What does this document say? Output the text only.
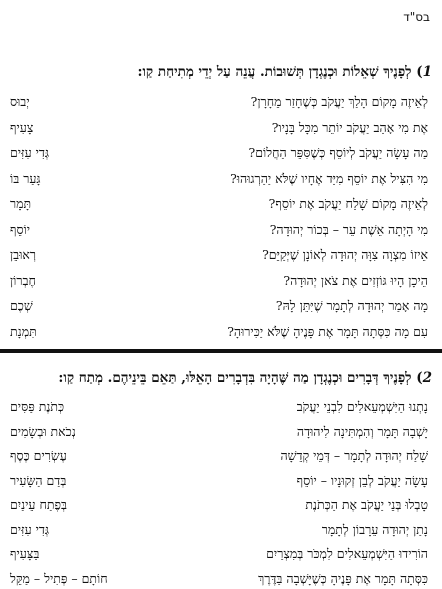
בס"ד
1) לְפָנֶיךָ שְׁאֵלוֹת וּכְנֶגְדָן תְּשׁוּבוֹת. עֲנֵה עַל יְדֵי מְתִיחַת קַו:
לְאֵיזֶה מָקוֹם הָלַךְ יַעֲקֹב כְּשֶׁחָזַר מֵחָרָן?
יְבוּס
אֶת מִי אָהַב יַעֲקֹב יוֹתֵר מִכָּל בָּנָיו?
צָעִיף
מַה עָשָׂה יַעֲקֹב לְיוֹסֵף כְּשֶׁסִּפֵּר הַחֲלוֹם?
גְּדִי עִזִּים
מִי הִצִּיל אֶת יוֹסֵף מִיַּד אֶחָיו שֶׁלֹּא יַהַרְגוּהוּ?
גָּעַר בּוֹ
לְאֵיזֶה מָקוֹם שָׁלַח יַעֲקֹב אֶת יוֹסֵף?
תָּמָר
מִי הָיְתָה אֵשֶׁת עֵר – בְּכוֹר יְהוּדָה?
יוֹסֵף
אֵיזוֹ מִצְוָה צִוָּה יְהוּדָה לְאוֹנָן שֶׁיְּקַיֵּם?
רְאוּבֵן
הֵיכָן הָיוּ גּוֹזְזִים אֶת צֹאן יְהוּדָה?
חֶבְרוֹן
מָה אָמַר יְהוּדָה לְתָמָר שֶׁיִּתֵּן לָהּ?
שְׁכֶם
עִם מָה כִּסְּתָה תָּמָר אֶת פָּנֶיהָ שֶׁלֹּא יַכִּירוּהָ?
תִּמְנָת
2) לְפָנֶיךָ דְּבָרִים וּכְנֶגְדָן מַה שֶּׁהָיָה בִּדְבָרִים הָאֵלּוּ, תַּאֵם בֵּינֵיהֶם. מְתַח קַו:
נָתְנוּ הַיִּשְׁמְעֵאלִים לִבְנֵי יַעֲקֹב
כְּתֹנֶת פַּסִּים
יָשְׁבָה תָּמָר וְהִמְתִּינָה לִיהוּדָה
נְכֹאת וּבְשָׂמִים
שָׁלַח יְהוּדָה לְתָמָר – דְּמֵי קְדֵשָׁה
עֶשְׂרִים כֶּסֶף
עָשָׂה יַעֲקֹב לְבֵן זְקוּנָיו – יוֹסֵף
בְּדַם הַשָּׂעִיר
טָבְלוּ בְּנֵי יַעֲקֹב אֶת הַכְּתֹנֶת
בְּפֶתַח עֵינַיִם
נָתַן יְהוּדָה עֵרָבוֹן לְתָמָר
גְּדִי עִזִּים
הוֹרִידוּ הַיִּשְׁמְעֵאלִים לִמְכֹּר בְּמִצְרַיִם
בַּצָּעִיף
כִּסְּתָה תָּמָר אֶת פָּנֶיהָ כְּשֶׁיָּשְׁבָה בַּדֶּרֶךְ
חוֹתָם – פְּתִיל – מַקֵּל
